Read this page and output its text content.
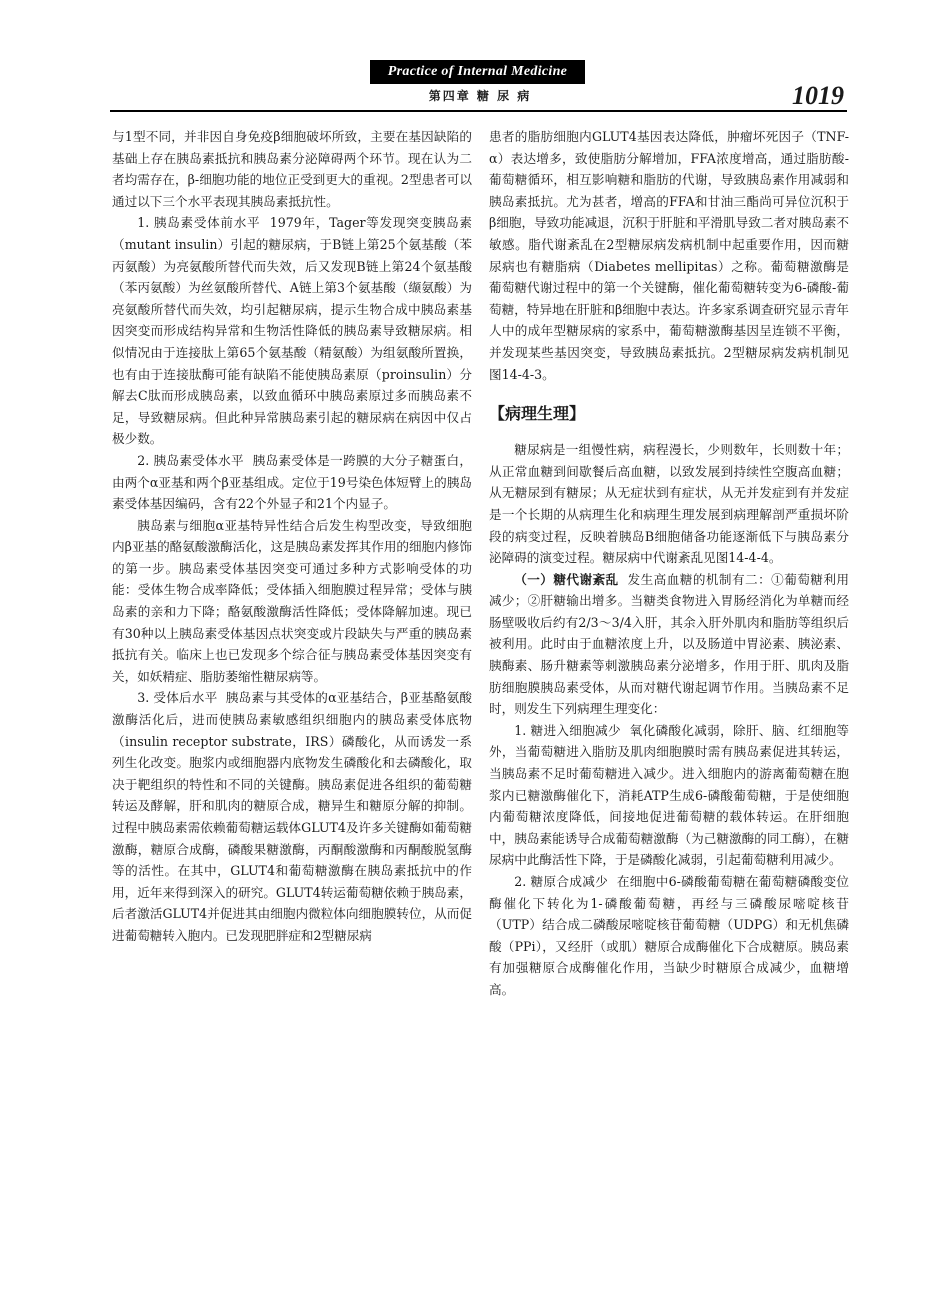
Practice of Internal Medicine
第四章 糖 尿 病	1019

与1型不同，并非因自身免疫β细胞破坏所致，主要在基因缺陷的基础上存在胰岛素抵抗和胰岛素分泌障碍两个环节。现在认为二者均需存在，β-细胞功能的地位正受到更大的重视。2型患者可以通过以下三个水平表现其胰岛素抵抗性。

1. 胰岛素受体前水平 1979年，Tager等发现突变胰岛素（mutant insulin）引起的糖尿病，于B链上第25个氨基酸（苯丙氨酸）为亮氨酸所替代而失效，后又发现B链上第24个氨基酸（苯丙氨酸）为丝氨酸所替代、A链上第3个氨基酸（缬氨酸）为亮氨酸所替代而失效，均引起糖尿病，提示生物合成中胰岛素基因突变而形成结构异常和生物活性降低的胰岛素导致糖尿病。相似情况由于连接肽上第65个氨基酸（精氨酸）为组氨酸所置换，也有由于连接肽酶可能有缺陷不能使胰岛素原（proinsulin）分解去C肽而形成胰岛素，以致血循环中胰岛素原过多而胰岛素不足，导致糖尿病。但此种异常胰岛素引起的糖尿病在病因中仅占极少数。

2. 胰岛素受体水平 胰岛素受体是一跨膜的大分子糖蛋白，由两个α亚基和两个β亚基组成。定位于19号染色体短臂上的胰岛素受体基因编码，含有22个外显子和21个内显子。

胰岛素与细胞α亚基特异性结合后发生构型改变，导致细胞内β亚基的酪氨酸激酶活化，这是胰岛素发挥其作用的细胞内修饰的第一步。胰岛素受体基因突变可通过多种方式影响受体的功能：受体生物合成率降低；受体插入细胞膜过程异常；受体与胰岛素的亲和力下降；酪氨酸激酶活性降低；受体降解加速。现已有30种以上胰岛素受体基因点状突变或片段缺失与严重的胰岛素抵抗有关。临床上也已发现多个综合征与胰岛素受体基因突变有关，如妖精症、脂肪萎缩性糖尿病等。

3. 受体后水平 胰岛素与其受体的α亚基结合，β亚基酪氨酸激酶活化后，进而使胰岛素敏感组织细胞内的胰岛素受体底物（insulin receptor substrate，IRS）磷酸化，从而诱发一系列生化改变。胞浆内或细胞器内底物发生磷酸化和去磷酸化，取决于靶组织的特性和不同的关键酶。胰岛素促进各组织的葡萄糖转运及酵解，肝和肌肉的糖原合成，糖异生和糖原分解的抑制。过程中胰岛素需依赖葡萄糖运载体GLUT4及许多关键酶如葡萄糖激酶，糖原合成酶，磷酸果糖激酶，丙酮酸激酶和丙酮酸脱氢酶等的活性。在其中，GLUT4和葡萄糖激酶在胰岛素抵抗中的作用，近年来得到深入的研究。GLUT4转运葡萄糖依赖于胰岛素，后者激活GLUT4并促进其由细胞内微粒体向细胞膜转位，从而促进葡萄糖转入胞内。已发现肥胖症和2型糖尿病

患者的脂肪细胞内GLUT4基因表达降低，肿瘤坏死因子（TNF-α）表达增多，致使脂肪分解增加，FFA浓度增高，通过脂肪酸-葡萄糖循环，相互影响糖和脂肪的代谢，导致胰岛素作用减弱和胰岛素抵抗。尤为甚者，增高的FFA和甘油三酯尚可异位沉积于β细胞，导致功能减退，沉积于肝脏和平滑肌导致二者对胰岛素不敏感。脂代谢紊乱在2型糖尿病发病机制中起重要作用，因而糖尿病也有糖脂病（Diabetes mellipitas）之称。葡萄糖激酶是葡萄糖代谢过程中的第一个关键酶，催化葡萄糖转变为6-磷酸-葡萄糖，特异地在肝脏和β细胞中表达。许多家系调查研究显示青年人中的成年型糖尿病的家系中，葡萄糖激酶基因呈连锁不平衡，并发现某些基因突变，导致胰岛素抵抗。2型糖尿病发病机制见图14-4-3。

【病理生理】

糖尿病是一组慢性病，病程漫长，少则数年，长则数十年；从正常血糖到间歇餐后高血糖，以致发展到持续性空腹高血糖；从无糖尿到有糖尿；从无症状到有症状，从无并发症到有并发症是一个长期的从病理生化和病理生理发展到病理解剖严重损坏阶段的病变过程，反映着胰岛B细胞储备功能逐渐低下与胰岛素分泌障碍的演变过程。糖尿病中代谢紊乱见图14-4-4。

（一）糖代谢紊乱 发生高血糖的机制有二：①葡萄糖利用减少；②肝糖输出增多。当糖类食物进入胃肠经消化为单糖而经肠壁吸收后约有2/3～3/4入肝，其余入肝外肌肉和脂肪等组织后被利用。此时由于血糖浓度上升，以及肠道中胃泌素、胰泌素、胰酶素、肠升糖素等刺激胰岛素分泌增多，作用于肝、肌肉及脂肪细胞膜胰岛素受体，从而对糖代谢起调节作用。当胰岛素不足时，则发生下列病理生理变化：

1. 糖进入细胞减少 氧化磷酸化减弱，除肝、脑、红细胞等外，当葡萄糖进入脂肪及肌肉细胞膜时需有胰岛素促进其转运，当胰岛素不足时葡萄糖进入减少。进入细胞内的游离葡萄糖在胞浆内已糖激酶催化下，消耗ATP生成6-磷酸葡萄糖，于是使细胞内葡萄糖浓度降低，间接地促进葡萄糖的载体转运。在肝细胞中，胰岛素能诱导合成葡萄糖激酶（为己糖激酶的同工酶），在糖尿病中此酶活性下降，于是磷酸化减弱，引起葡萄糖利用减少。

2. 糖原合成减少 在细胞中6-磷酸葡萄糖在葡萄糖磷酸变位酶催化下转化为1-磷酸葡萄糖，再经与三磷酸尿嘧啶核苷（UTP）结合成二磷酸尿嘧啶核苷葡萄糖（UDPG）和无机焦磷酸（PPi），又经肝（或肌）糖原合成酶催化下合成糖原。胰岛素有加强糖原合成酶催化作用，当缺少时糖原合成减少，血糖增高。
